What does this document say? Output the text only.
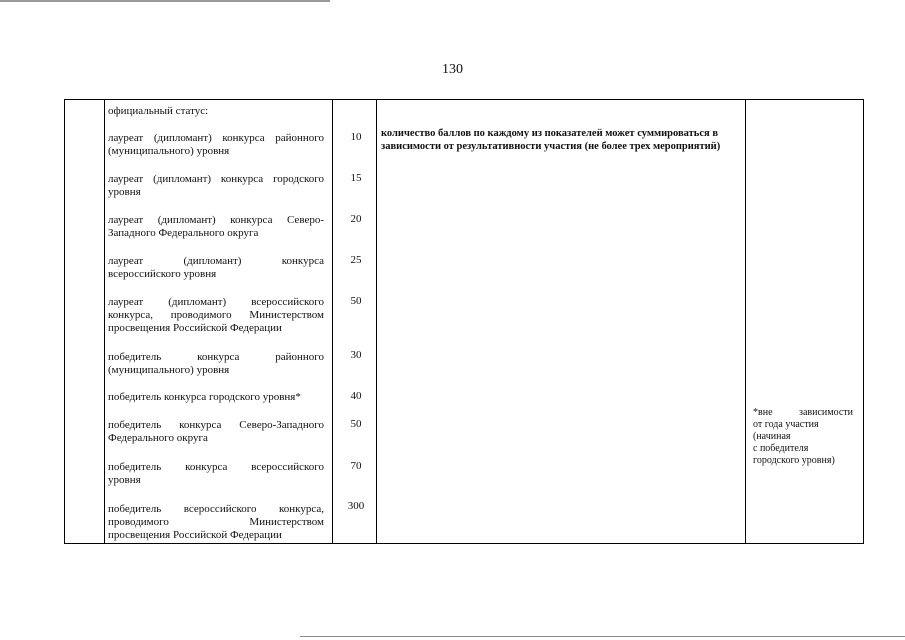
130
официальный статус:
лауреат (дипломант) конкурса районного
(муниципального) уровня
10
лауреат (дипломант) конкурса городского
уровня
15
лауреат (дипломант) конкурса Северо-
Западного Федерального округа
20
лауреат (дипломант) конкурса
всероссийского уровня
25
лауреат (дипломант) всероссийского
конкурса, проводимого Министерством
просвещения Российской Федерации
50
победитель конкурса районного
(муниципального) уровня
30
победитель конкурса городского уровня*	40
победитель конкурса Северо-Западного
Федерального округа
50
победитель конкурса всероссийского
уровня
70
победитель всероссийского конкурса,
проводимого Министерством
просвещения Российской Федерации
300
количество баллов по каждому из показателей может суммироваться в зависимости от результативности участия (не более трех мероприятий)
*вне зависимости
от года участия
(начиная
с победителя
городского уровня)
